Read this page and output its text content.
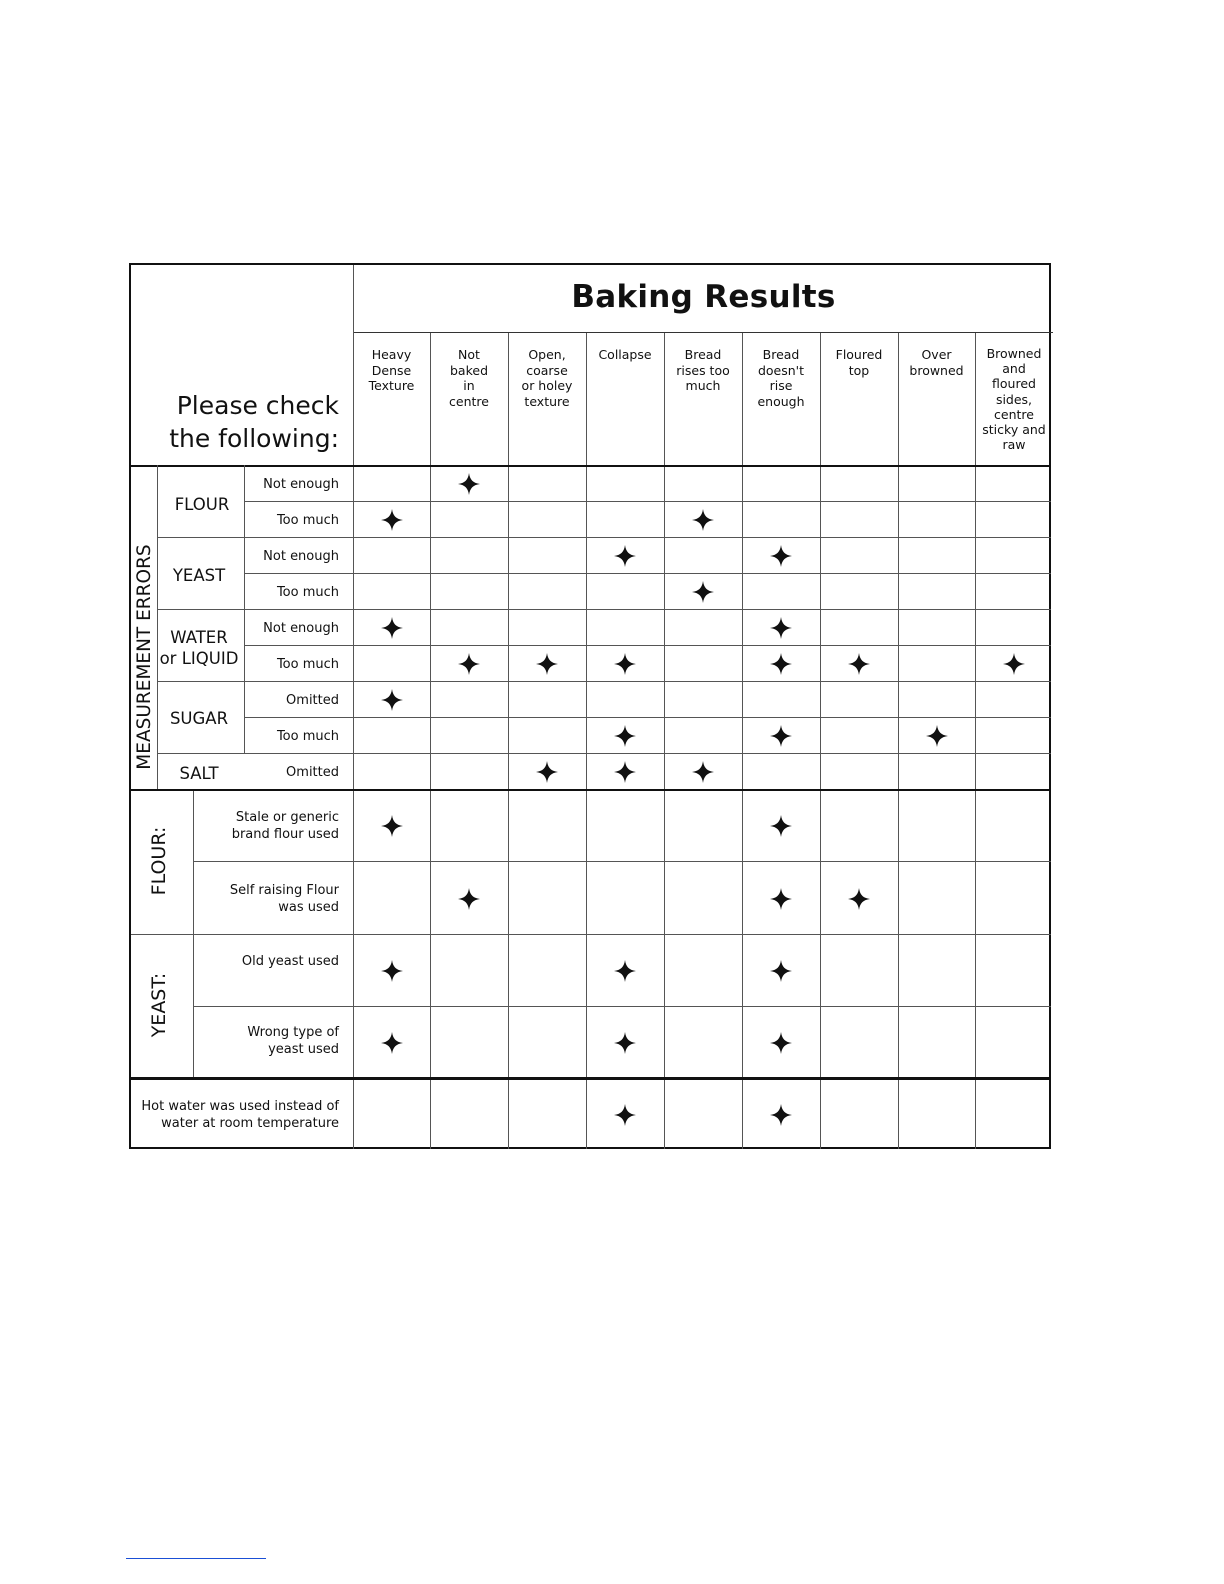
Baking Results
Please check
the following:
Heavy
Dense
Texture
Not
baked
in
centre
Open,
coarse
or holey
texture
Collapse	Bread
rises too
much
Bread
doesn't
rise
enough
Floured
top
Over
browned
Browned
and
floured
sides,
centre
sticky and
raw
MEASUREMENT ERRORS
FLOUR:
YEAST:
FLOUR
YEAST
WATER
or LIQUID
SUGAR
SALT
Not enough
Too much
Not enough
Too much
Not enough
Too much
Omitted
Too much
Omitted
Stale or generic
brand flour used
Self raising Flour
was used
Old yeast used
Wrong type of
yeast used
Hot water was used instead of
water at room temperature
